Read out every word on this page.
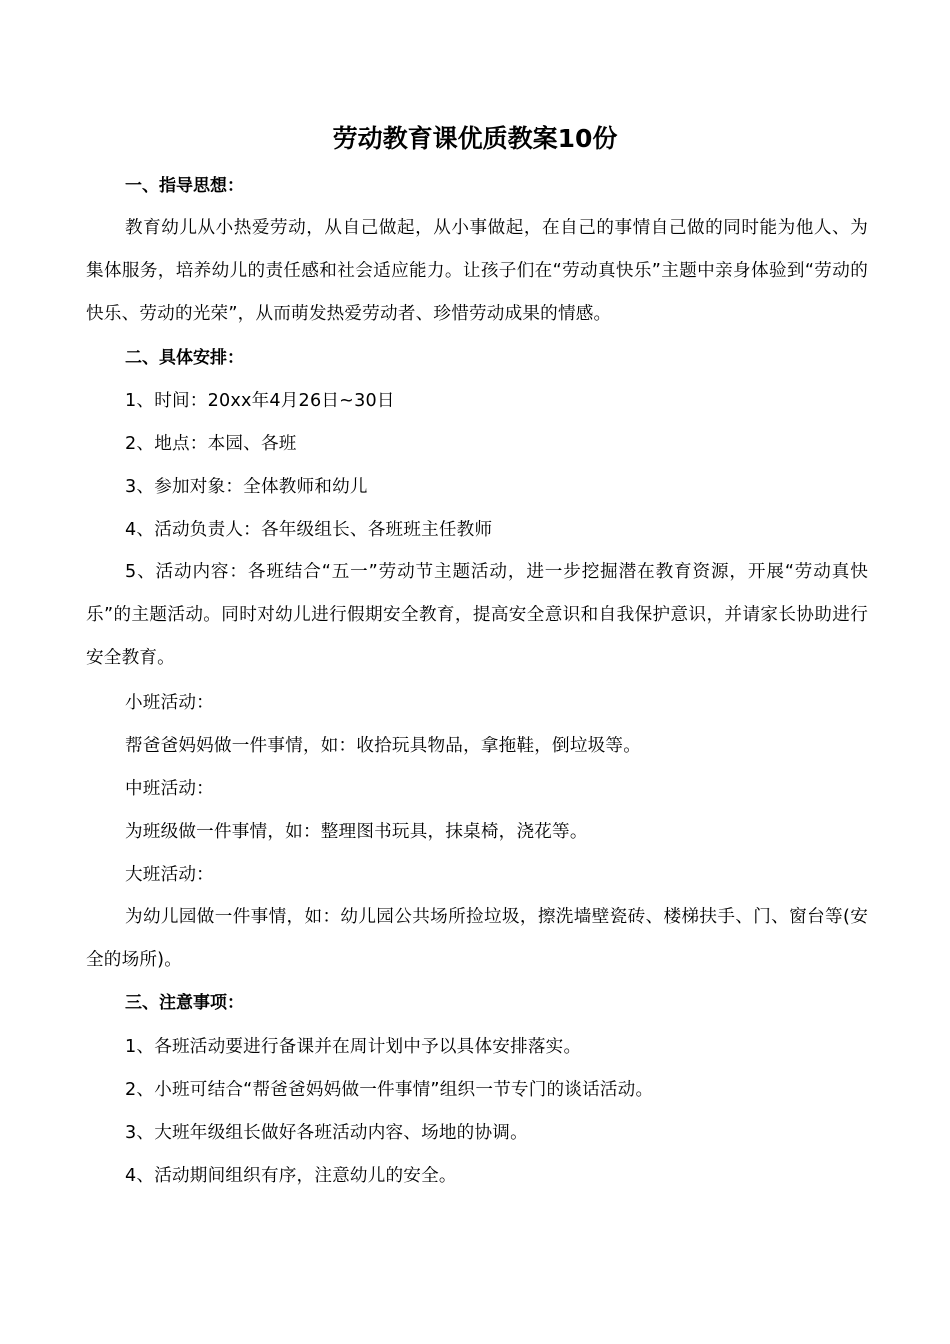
劳动教育课优质教案10份
一、指导思想：
教育幼儿从小热爱劳动，从自己做起，从小事做起，在自己的事情自己做的同时能为他人、为集体服务，培养幼儿的责任感和社会适应能力。让孩子们在“劳动真快乐”主题中亲身体验到“劳动的快乐、劳动的光荣”，从而萌发热爱劳动者、珍惜劳动成果的情感。
二、具体安排：
1、时间：20xx年4月26日~30日
2、地点：本园、各班
3、参加对象：全体教师和幼儿
4、活动负责人：各年级组长、各班班主任教师
5、活动内容：各班结合“五一”劳动节主题活动，进一步挖掘潜在教育资源，开展“劳动真快乐”的主题活动。同时对幼儿进行假期安全教育，提高安全意识和自我保护意识，并请家长协助进行安全教育。
小班活动：
帮爸爸妈妈做一件事情，如：收拾玩具物品，拿拖鞋，倒垃圾等。
中班活动：
为班级做一件事情，如：整理图书玩具，抹桌椅，浇花等。
大班活动：
为幼儿园做一件事情，如：幼儿园公共场所捡垃圾，擦洗墙壁瓷砖、楼梯扶手、门、窗台等(安全的场所)。
三、注意事项：
1、各班活动要进行备课并在周计划中予以具体安排落实。
2、小班可结合“帮爸爸妈妈做一件事情”组织一节专门的谈话活动。
3、大班年级组长做好各班活动内容、场地的协调。
4、活动期间组织有序，注意幼儿的安全。
